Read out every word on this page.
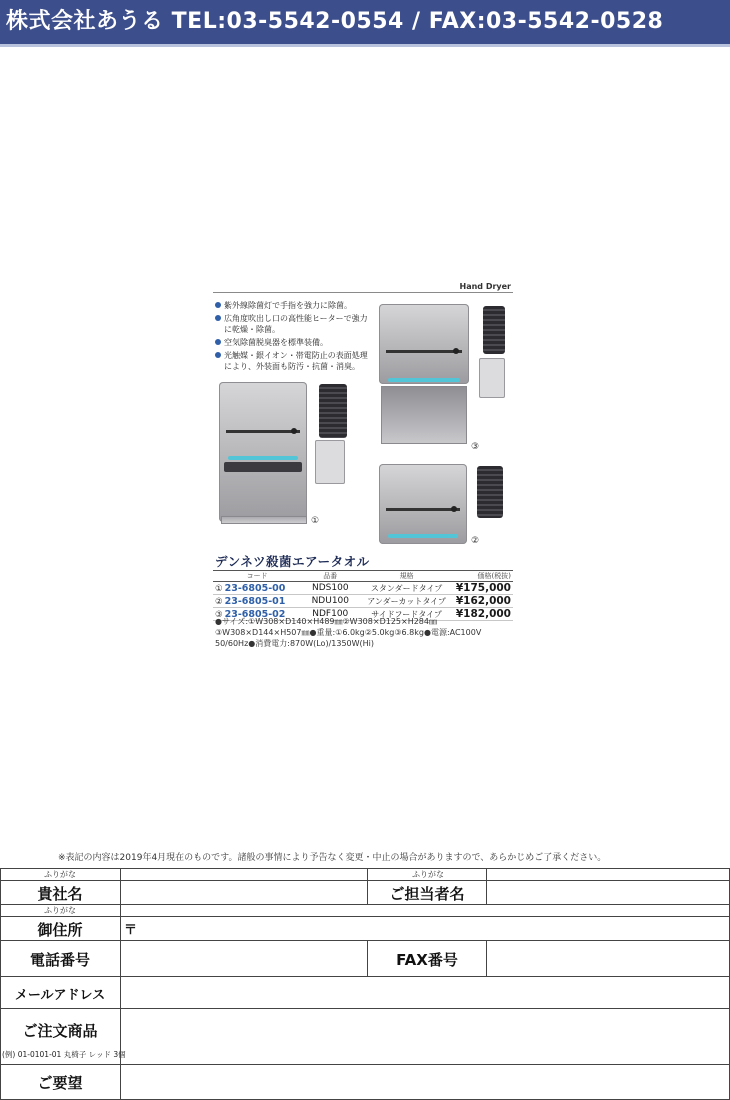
株式会社あうる TEL:03-5542-0554 / FAX:03-5542-0528
Hand Dryer
紫外線除菌灯で手指を強力に除菌。
広角度吹出し口の高性能ヒーターで強力に乾燥・除菌。
空気除菌脱臭器を標準装備。
光触媒・銀イオン・帯電防止の表面処理により、外装面も防汚・抗菌・消臭。
①
③
②
デンネツ殺菌エアータオル
コード	品番	規格	価格(税抜)
① 23-6805-00	NDS100	スタンダードタイプ	¥175,000
② 23-6805-01	NDU100	アンダーカットタイプ	¥162,000
③ 23-6805-02	NDF100	サイドフードタイプ	¥182,000
●サイズ:①W308×D140×H489㎜②W308×D125×H284㎜③W308×D144×H507㎜●重量:①6.0kg②5.0kg③6.8kg●電源:AC100V 50/60Hz●消費電力:870W(Lo)/1350W(Hi)
※表記の内容は2019年4月現在のものです。諸般の事情により予告なく変更・中止の場合がありますので、あらかじめご了承ください。
ふりがな	ふりがな
貴社名	ご担当者名
ふりがな
御住所	〒
電話番号	FAX番号
メールアドレス
ご注文商品
(例) 01-0101-01 丸椅子 レッド 3個
ご要望
